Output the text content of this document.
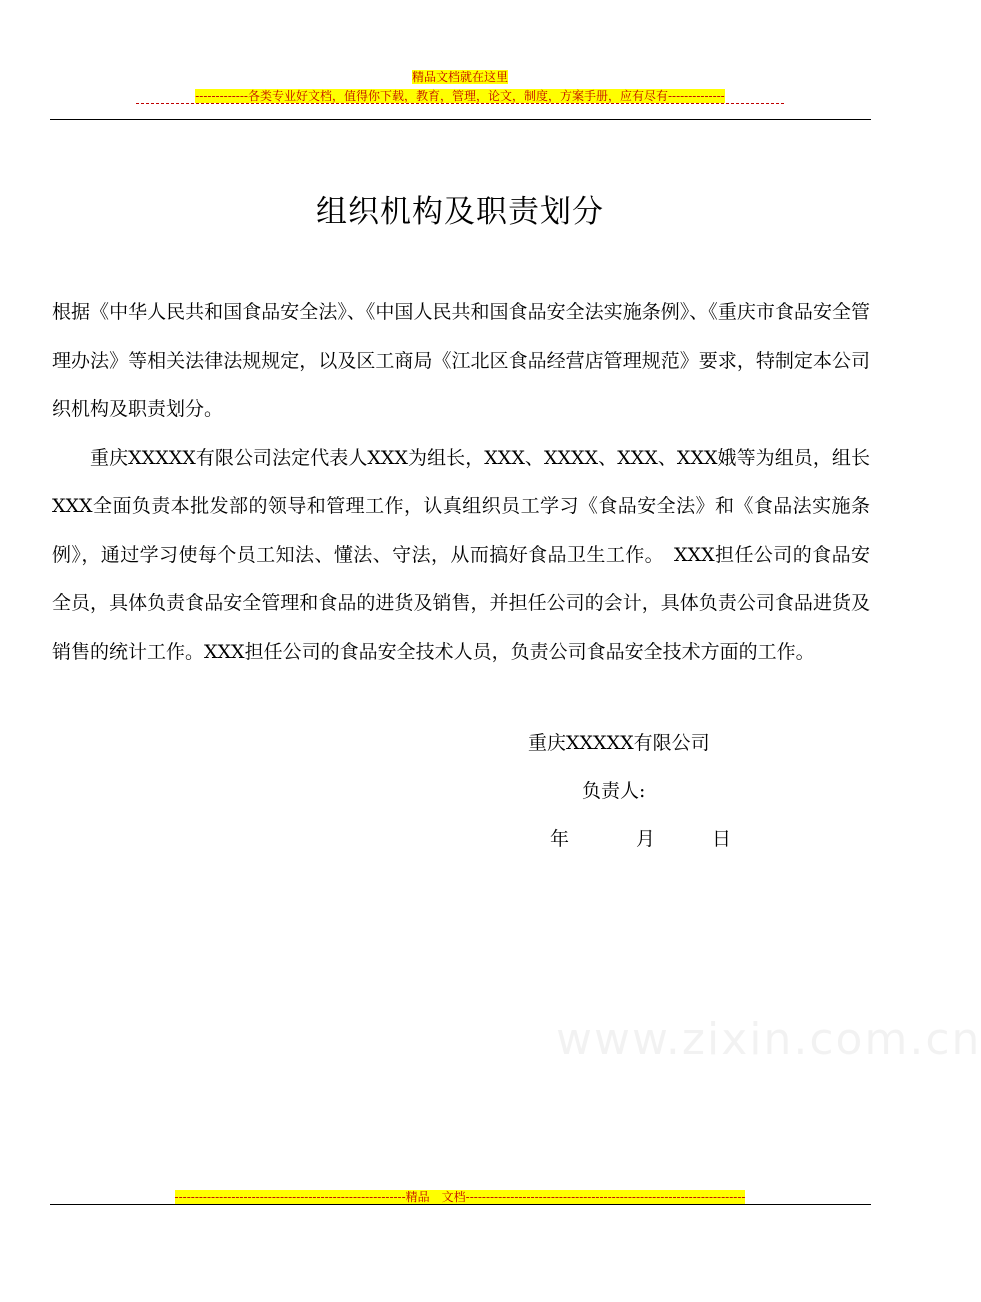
精品文档就在这里
-------------各类专业好文档，值得你下载，教育，管理，论文，制度，方案手册，应有尽有--------------
组织机构及职责划分

根据《中华人民共和国食品安全法》、《中国人民共和国食品安全法实施条例》、《重庆市食品安全管理办法》等相关法律法规规定，以及区工商局《江北区食品经营店管理规范》要求，特制定本公司织机构及职责划分。

重庆XXXXX有限公司法定代表人XXX为组长，XXX、XXXX、XXX、XXX娥等为组员，组长XXX全面负责本批发部的领导和管理工作，认真组织员工学习《食品安全法》和《食品法实施条例》，通过学习使每个员工知法、懂法、守法，从而搞好食品卫生工作。　XXX担任公司的食品安全员，具体负责食品安全管理和食品的进货及销售，并担任公司的会计，具体负责公司食品进货及销售的统计工作。XXX担任公司的食品安全技术人员，负责公司食品安全技术方面的工作。

重庆XXXXX有限公司
负责人:
年	月	日
www.zixin.com.cn
---------------------------------------------------------精品　文档---------------------------------------------------------------------
